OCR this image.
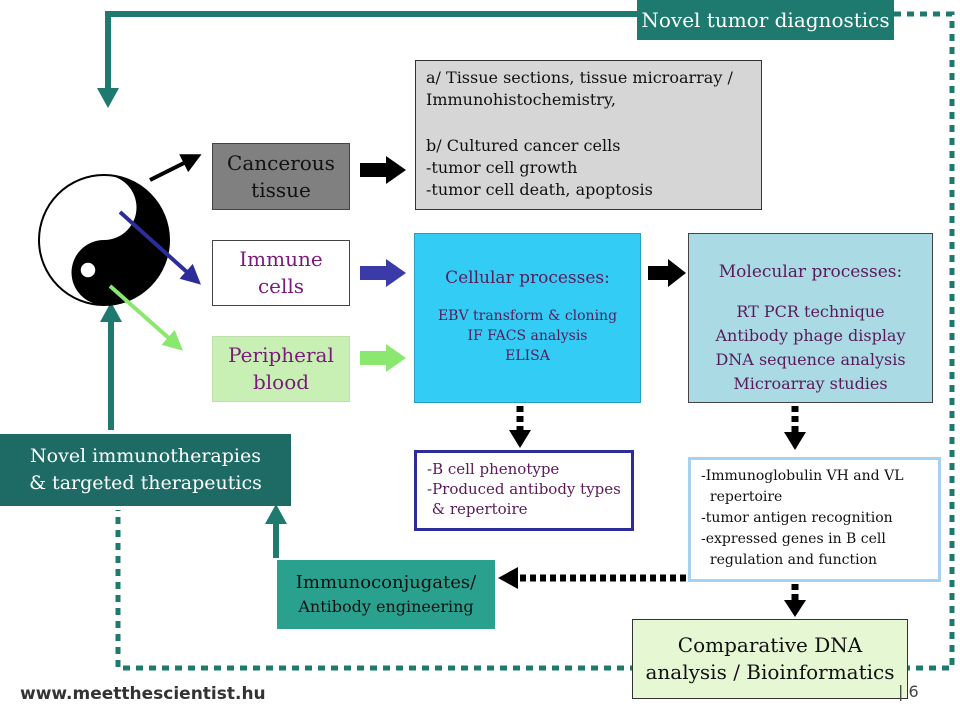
Novel tumor diagnostics
a/ Tissue sections, tissue microarray /
Immunohistochemistry,
b/ Cultured cancer cells
-tumor cell growth
-tumor cell death, apoptosis
Cancerous
tissue
Immune
cells
Peripheral
blood
Cellular processes:
EBV transform & cloning
IF FACS analysis
ELISA
Molecular processes:
RT PCR technique
Antibody phage display
DNA sequence analysis
Microarray studies
Novel immunotherapies
& targeted therapeutics
-B cell phenotype
-Produced antibody types
& repertoire
-Immunoglobulin VH and VL
repertoire
-tumor antigen recognition
-expressed genes in B cell
regulation and function
Immunoconjugates/
Antibody engineering
Comparative DNA
analysis / Bioinformatics
www.meetthescientist.hu	| 6
